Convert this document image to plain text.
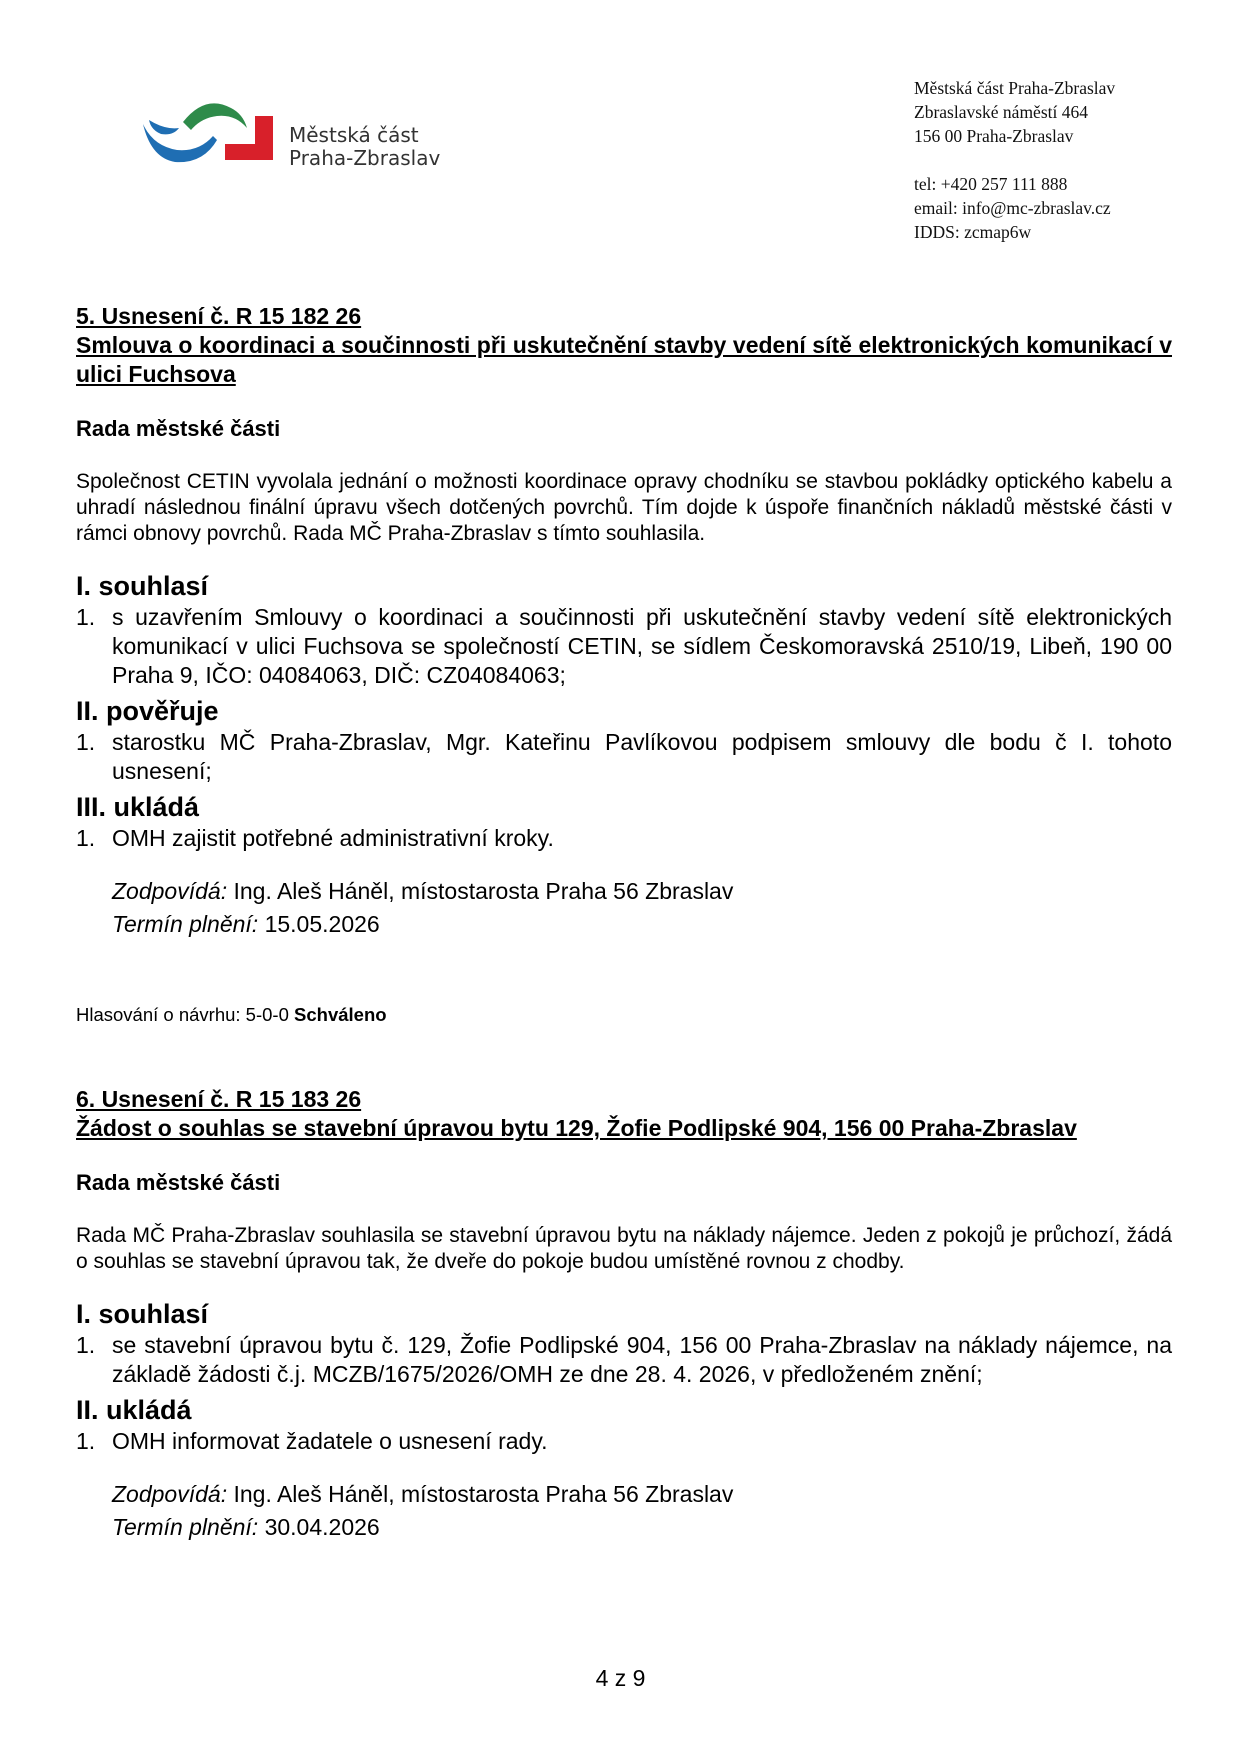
Městská část
Praha-Zbraslav
Městská část Praha-Zbraslav
Zbraslavské náměstí 464
156 00 Praha-Zbraslav
tel: +420 257 111 888
email: info@mc-zbraslav.cz
IDDS: zcmap6w
5. Usnesení č. R 15 182 26
Smlouva o koordinaci a součinnosti při uskutečnění stavby vedení sítě elektronických komunikací v ulici Fuchsova
Rada městské části
Společnost CETIN vyvolala jednání o možnosti koordinace opravy chodníku se stavbou pokládky optického kabelu a uhradí následnou finální úpravu všech dotčených povrchů. Tím dojde k úspoře finančních nákladů městské části v rámci obnovy povrchů. Rada MČ Praha-Zbraslav s tímto souhlasila.
I. souhlasí
1. s uzavřením Smlouvy o koordinaci a součinnosti při uskutečnění stavby vedení sítě elektronických komunikací v ulici Fuchsova se společností CETIN, se sídlem Českomoravská 2510/19, Libeň, 190 00 Praha 9, IČO: 04084063, DIČ: CZ04084063;
II. pověřuje
1. starostku MČ Praha-Zbraslav, Mgr. Kateřinu Pavlíkovou podpisem smlouvy dle bodu č I. tohoto usnesení;
III. ukládá
1. OMH zajistit potřebné administrativní kroky.
Zodpovídá: Ing. Aleš Háněl, místostarosta Praha 56 Zbraslav
Termín plnění: 15.05.2026
Hlasování o návrhu: 5-0-0 Schváleno
6. Usnesení č. R 15 183 26
Žádost o souhlas se stavební úpravou bytu 129, Žofie Podlipské 904, 156 00 Praha-Zbraslav
Rada městské části
Rada MČ Praha-Zbraslav souhlasila se stavební úpravou bytu na náklady nájemce. Jeden z pokojů je průchozí, žádá o souhlas se stavební úpravou tak, že dveře do pokoje budou umístěné rovnou z chodby.
I. souhlasí
1. se stavební úpravou bytu č. 129, Žofie Podlipské 904, 156 00 Praha-Zbraslav na náklady nájemce, na základě žádosti č.j. MCZB/1675/2026/OMH ze dne 28. 4. 2026, v předloženém znění;
II. ukládá
1. OMH informovat žadatele o usnesení rady.
Zodpovídá: Ing. Aleš Háněl, místostarosta Praha 56 Zbraslav
Termín plnění: 30.04.2026
4 z 9
